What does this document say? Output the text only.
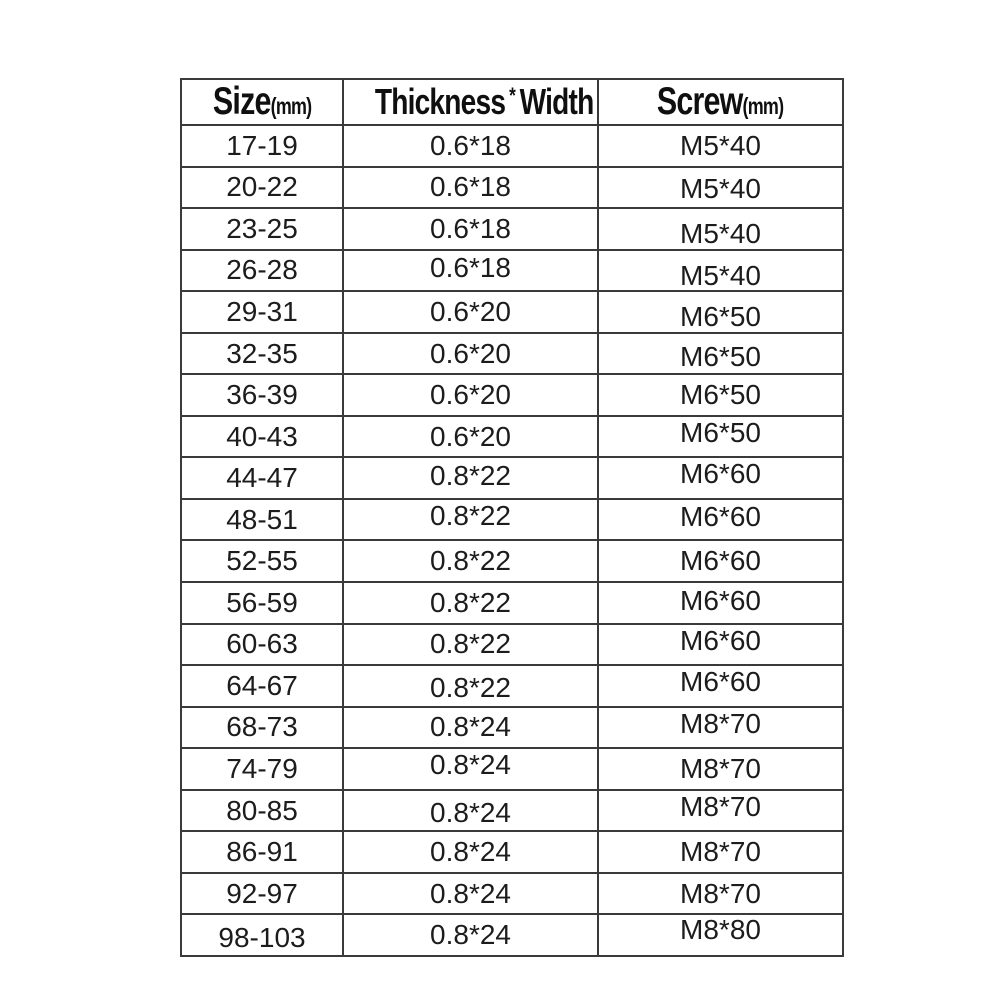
Size(mm)	Thickness * Width	Screw(mm)
17-19	0.6*18	M5*40
20-22	0.6*18	M5*40
23-25	0.6*18	M5*40
26-28	0.6*18	M5*40
29-31	0.6*20	M6*50
32-35	0.6*20	M6*50
36-39	0.6*20	M6*50
40-43	0.6*20	M6*50
44-47	0.8*22	M6*60
48-51	0.8*22	M6*60
52-55	0.8*22	M6*60
56-59	0.8*22	M6*60
60-63	0.8*22	M6*60
64-67	0.8*22	M6*60
68-73	0.8*24	M8*70
74-79	0.8*24	M8*70
80-85	0.8*24	M8*70
86-91	0.8*24	M8*70
92-97	0.8*24	M8*70
98-103	0.8*24	M8*80
